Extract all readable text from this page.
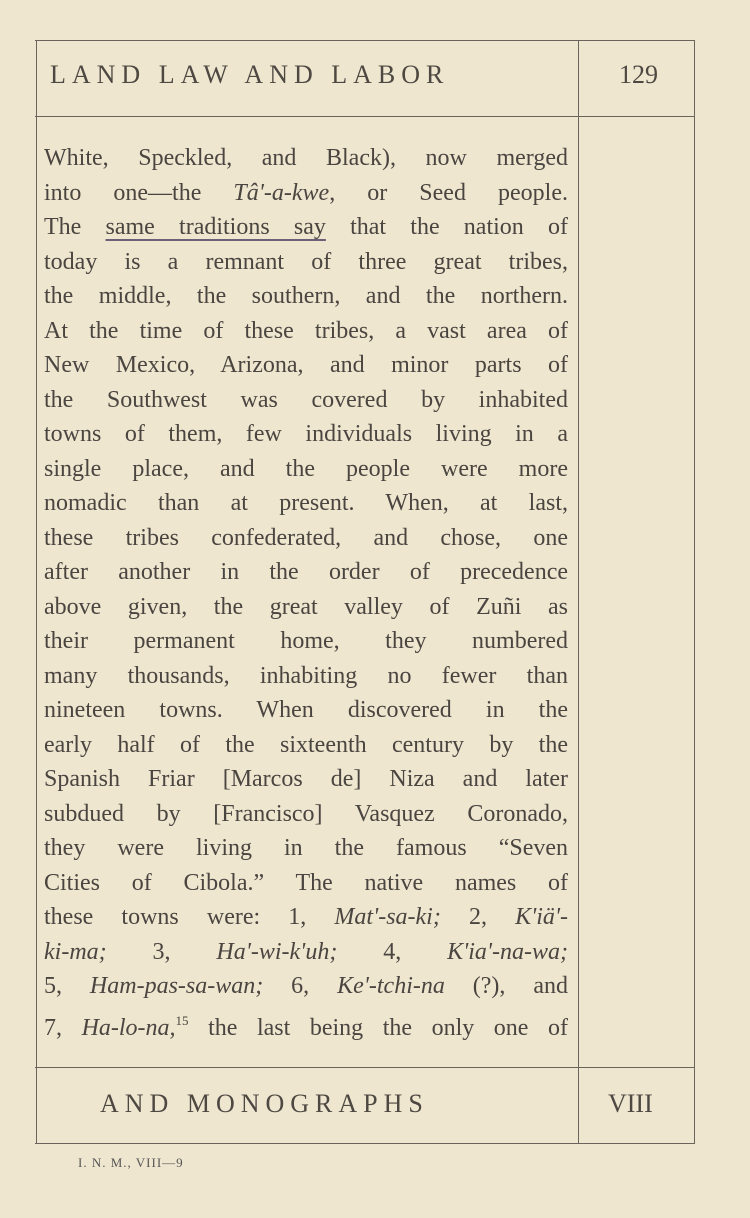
LAND LAW AND LABOR	129
White, Speckled, and Black), now merged
into one—the Tâ'-a-kwe, or Seed people.
The same traditions say that the nation of
today is a remnant of three great tribes,
the middle, the southern, and the northern.
At the time of these tribes, a vast area of
New Mexico, Arizona, and minor parts of
the Southwest was covered by inhabited
towns of them, few individuals living in a
single place, and the people were more
nomadic than at present. When, at last,
these tribes confederated, and chose, one
after another in the order of precedence
above given, the great valley of Zuñi as
their permanent home, they numbered
many thousands, inhabiting no fewer than
nineteen towns. When discovered in the
early half of the sixteenth century by the
Spanish Friar [Marcos de] Niza and later
subdued by [Francisco] Vasquez Coronado,
they were living in the famous “Seven
Cities of Cibola.” The native names of
these towns were: 1, Mat'-sa-ki; 2, K'iä'-
ki-ma; 3, Ha'-wi-k'uh; 4, K'ia'-na-wa;
5, Ham-pas-sa-wan; 6, Ke'-tchi-na (?), and
7, Ha-lo-na,$^{15}$ the last being the only one of
AND MONOGRAPHS	VIII
I. N. M., VIII—9
